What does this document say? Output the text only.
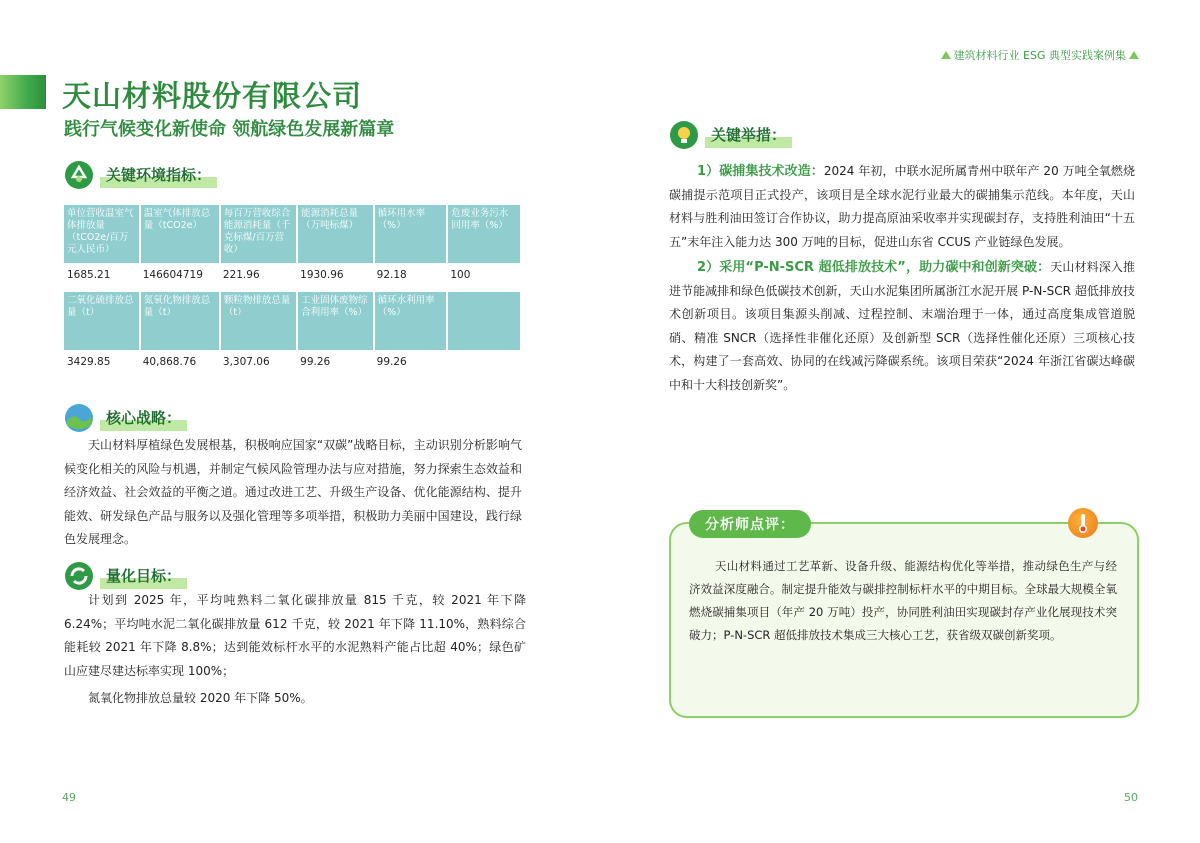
天山材料股份有限公司
践行气候变化新使命 领航绿色发展新篇章
建筑材料行业 ESG 典型实践案例集
关键环境指标：
单位营收温室气体排放量（tCO2e/百万元人民币）	温室气体排放总量（tCO2e）	每百万营收综合能源消耗量（千克标煤/百万营收）	能源消耗总量（万吨标煤）	循环用水率（%）	危废业务污水回用率（%）
1685.21	146604719	221.96	1930.96	92.18	100
二氧化硫排放总量（t）	氮氧化物排放总量（t）	颗粒物排放总量（t）	工业固体废物综合利用率（%）	循环水利用率（%）	
3429.85	40,868.76	3,307.06	99.26	99.26	
核心战略：

天山材料厚植绿色发展根基，积极响应国家“双碳”战略目标，主动识别分析影响气候变化相关的风险与机遇，并制定气候风险管理办法与应对措施，努力探索生态效益和经济效益、社会效益的平衡之道。通过改进工艺、升级生产设备、优化能源结构、提升能效、研发绿色产品与服务以及强化管理等多项举措，积极助力美丽中国建设，践行绿色发展理念。

量化目标：

计划到 2025 年，平均吨熟料二氧化碳排放量 815 千克，较 2021 年下降 6.24%；平均吨水泥二氧化碳排放量 612 千克，较 2021 年下降 11.10%，熟料综合能耗较 2021 年下降 8.8%；达到能效标杆水平的水泥熟料产能占比超 40%；绿色矿山应建尽建达标率实现 100%；

氮氧化物排放总量较 2020 年下降 50%。

关键举措：

1）碳捕集技术改造：2024 年初，中联水泥所属青州中联年产 20 万吨全氧燃烧碳捕提示范项目正式投产，该项目是全球水泥行业最大的碳捕集示范线。本年度，天山材料与胜利油田签订合作协议，助力提高原油采收率并实现碳封存，支持胜利油田“十五五”末年注入能力达 300 万吨的目标，促进山东省 CCUS 产业链绿色发展。

2）采用“P-N-SCR 超低排放技术”，助力碳中和创新突破：天山材料深入推进节能减排和绿色低碳技术创新，天山水泥集团所属浙江水泥开展 P-N-SCR 超低排放技术创新项目。该项目集源头削减、过程控制、末端治理于一体，通过高度集成管道脱硝、精准 SNCR（选择性非催化还原）及创新型 SCR（选择性催化还原）三项核心技术，构建了一套高效、协同的在线减污降碳系统。该项目荣获“2024 年浙江省碳达峰碳中和十大科技创新奖”。

分析师点评：

天山材料通过工艺革新、设备升级、能源结构优化等举措，推动绿色生产与经济效益深度融合。制定提升能效与碳排控制标杆水平的中期目标。全球最大规模全氧燃烧碳捕集项目（年产 20 万吨）投产，协同胜利油田实现碳封存产业化展现技术突破力；P-N-SCR 超低排放技术集成三大核心工艺，获省级双碳创新奖项。

49	50
